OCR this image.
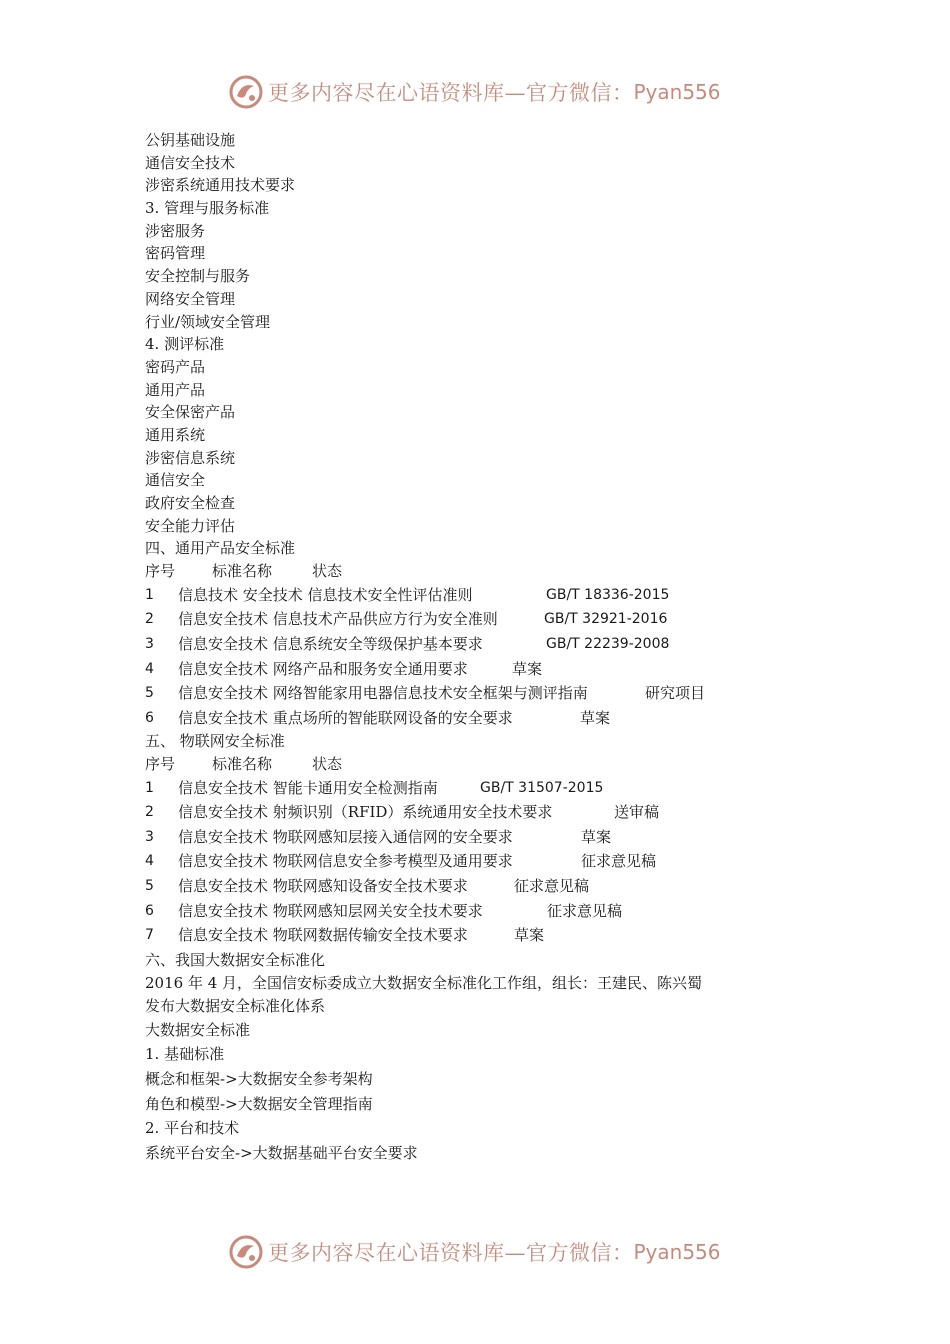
更多内容尽在心语资料库—官方微信： Pyan556
公钥基础设施
通信安全技术
涉密系统通用技术要求
3. 管理与服务标准
涉密服务
密码管理
安全控制与服务
网络安全管理
行业/领域安全管理
4. 测评标准
密码产品
通用产品
安全保密产品
通用系统
涉密信息系统
通信安全
政府安全检查
安全能力评估
四、通用产品安全标准
序号 标准名称	状态
1 信息技术 安全技术 信息技术安全性评估准则	GB/T 18336-2015
2 信息安全技术 信息技术产品供应方行为安全准则	GB/T 32921-2016
3 信息安全技术 信息系统安全等级保护基本要求	GB/T 22239-2008
4 信息安全技术 网络产品和服务安全通用要求	草案
5 信息安全技术 网络智能家用电器信息技术安全框架与测评指南	研究项目
6 信息安全技术 重点场所的智能联网设备的安全要求	草案
五、 物联网安全标准
序号 标准名称	状态
1 信息安全技术 智能卡通用安全检测指南	GB/T 31507-2015
2 信息安全技术 射频识别（RFID）系统通用安全技术要求	送审稿
3 信息安全技术 物联网感知层接入通信网的安全要求	草案
4 信息安全技术 物联网信息安全参考模型及通用要求	征求意见稿
5 信息安全技术 物联网感知设备安全技术要求	征求意见稿
6 信息安全技术 物联网感知层网关安全技术要求	征求意见稿
7 信息安全技术 物联网数据传输安全技术要求	草案
六、我国大数据安全标准化
2016 年 4 月，全国信安标委成立大数据安全标准化工作组，组长：王建民、陈兴蜀
发布大数据安全标准化体系
大数据安全标准
1. 基础标准
概念和框架->大数据安全参考架构
角色和模型->大数据安全管理指南
2. 平台和技术
系统平台安全->大数据基础平台安全要求
更多内容尽在心语资料库—官方微信： Pyan556
